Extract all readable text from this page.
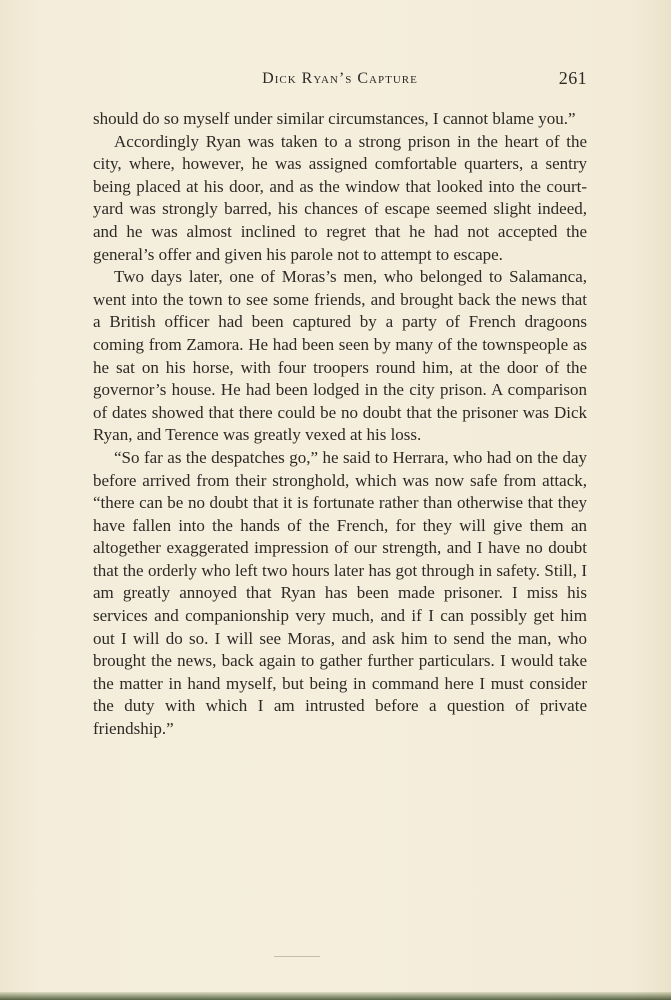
Dick Ryan’s Capture	261

should do so myself under similar circumstances, I cannot blame you.”

Accordingly Ryan was taken to a strong prison in the heart of the city, where, however, he was assigned comfortable quarters, a sentry being placed at his door, and as the window that looked into the court-yard was strongly barred, his chances of escape seemed slight indeed, and he was almost inclined to regret that he had not accepted the general’s offer and given his parole not to attempt to escape.

Two days later, one of Moras’s men, who belonged to Salamanca, went into the town to see some friends, and brought back the news that a British officer had been captured by a party of French dragoons coming from Zamora. He had been seen by many of the townspeople as he sat on his horse, with four troopers round him, at the door of the governor’s house. He had been lodged in the city prison. A comparison of dates showed that there could be no doubt that the prisoner was Dick Ryan, and Terence was greatly vexed at his loss.

“So far as the despatches go,” he said to Herrara, who had on the day before arrived from their stronghold, which was now safe from attack, “there can be no doubt that it is fortunate rather than otherwise that they have fallen into the hands of the French, for they will give them an altogether exaggerated impression of our strength, and I have no doubt that the orderly who left two hours later has got through in safety. Still, I am greatly annoyed that Ryan has been made prisoner. I miss his services and companionship very much, and if I can possibly get him out I will do so. I will see Moras, and ask him to send the man, who brought the news, back again to gather further particulars. I would take the matter in hand myself, but being in command here I must consider the duty with which I am intrusted before a question of private friendship.”
